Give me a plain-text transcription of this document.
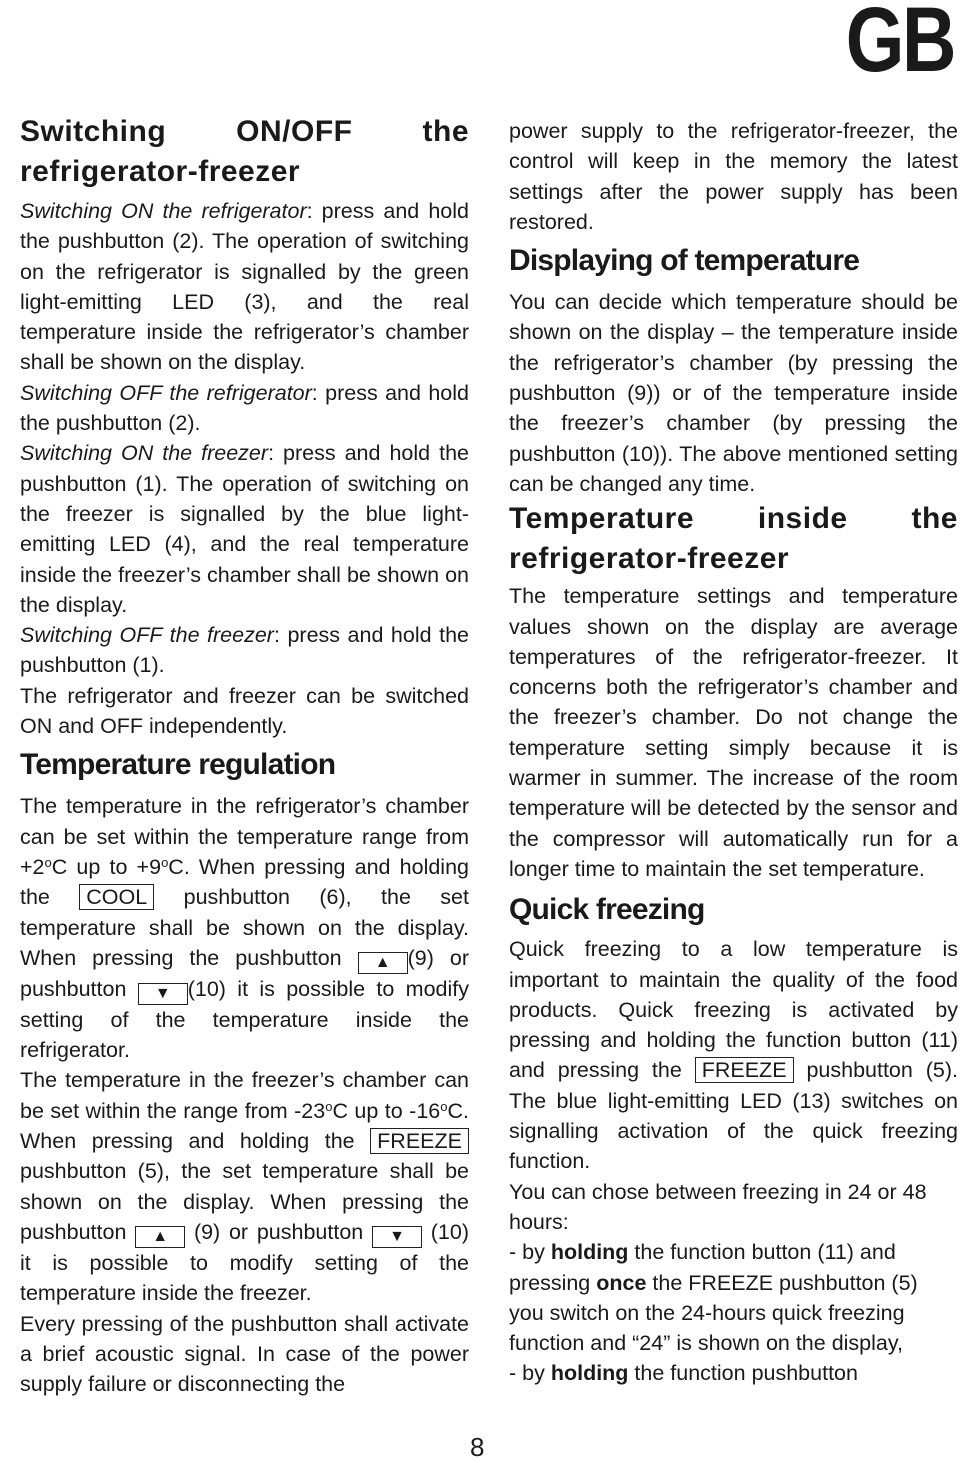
GB
Switching ON/OFF the
refrigerator-freezer

Switching ON the refrigerator: press and hold the pushbutton (2). The operation of switching on the refrigerator is signalled by the green light-emitting LED (3), and the real temperature inside the refrigerator’s chamber shall be shown on the display.

Switching OFF the refrigerator: press and hold the pushbutton (2).

Switching ON the freezer: press and hold the pushbutton (1). The operation of switching on the freezer is signalled by the blue light-emitting LED (4), and the real temperature inside the freezer’s chamber shall be shown on the display.

Switching OFF the freezer: press and hold the pushbutton (1).

The refrigerator and freezer can be switched ON and OFF independently.

Temperature regulation

The temperature in the refrigerator’s chamber can be set within the temperature range from $+2^oC$ up to $+9^oC$. When pressing and holding the COOL pushbutton (6), the set temperature shall be shown on the display. When pressing the pushbutton ▲ (9) or pushbutton ▼ (10) it is possible to modify setting of the temperature inside the refrigerator.

The temperature in the freezer’s chamber can be set within the range from -23$^o$C up to -16$^o$C. When pressing and holding the FREEZEpushbutton (5), the set temperature shall be shown on the display. When pressing the pushbutton ▲ (9) or pushbutton ▼ (10) it is possible to modify setting of the temperature inside the freezer.

Every pressing of the pushbutton shall activate a brief acoustic signal. In case of the power supply failure or disconnecting the

power supply to the refrigerator-freezer, the control will keep in the memory the latest settings after the power supply has been restored.

Displaying of temperature

You can decide which temperature should be shown on the display – the temperature inside the refrigerator’s chamber (by pressing the pushbutton (9)) or of the temperature inside the freezer’s chamber (by pressing the pushbutton (10)). The above mentioned setting can be changed any time.

Temperature inside the
refrigerator-freezer

The temperature settings and temperature values shown on the display are average temperatures of the refrigerator-freezer. It concerns both the refrigerator’s chamber and the freezer’s chamber. Do not change the temperature setting simply because it is warmer in summer. The increase of the room temperature will be detected by the sensor and the compressor will automatically run for a longer time to maintain the set temperature.

Quick freezing

Quick freezing to a low temperature is important to maintain the quality of the food products. Quick freezing is activated by pressing and holding the function button (11) and pressing the FREEZE pushbutton (5). The blue light-emitting LED (13) switches on signalling activation of the quick freezing function.

You can chose between freezing in 24 or 48 hours:

- by holding the function button (11) and pressing once the FREEZE pushbutton (5) you switch on the 24-hours quick freezing function and “24” is shown on the display,

- by holding the function pushbutton

8
